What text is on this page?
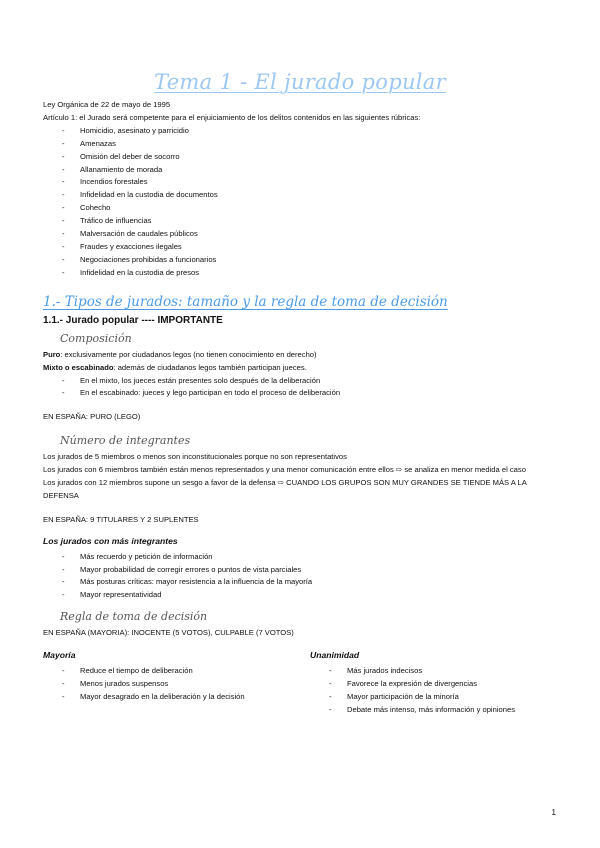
Tema 1 - El jurado popular

Ley Orgánica de 22 de mayo de 1995

Artículo 1: el Jurado será competente para el enjuiciamiento de los delitos contenidos en las siguientes rúbricas:

- Homicidio, asesinato y parricidio
- Amenazas
- Omisión del deber de socorro
- Allanamiento de morada
- Incendios forestales
- Infidelidad en la custodia de documentos
- Cohecho
- Tráfico de influencias
- Malversación de caudales públicos
- Fraudes y exacciones ilegales
- Negociaciones prohibidas a funcionarios
- Infidelidad en la custodia de presos
1.- Tipos de jurados: tamaño y la regla de toma de decisión
1.1.- Jurado popular ---- IMPORTANTE
Composición

Puro: exclusivamente por ciudadanos legos (no tienen conocimiento en derecho)

Mixto o escabinado: además de ciudadanos legos también participan jueces.

- En el mixto, los jueces están presentes solo después de la deliberación
- En el escabinado: jueces y lego participan en todo el proceso de deliberación

EN ESPAÑA: PURO (LEGO)

Número de integrantes

Los jurados de 5 miembros o menos son inconstitucionales porque no son representativos

Los jurados con 6 miembros también están menos representados y una menor comunicación entre ellos ⇨ se analiza en menor medida el caso

Los jurados con 12 miembros supone un sesgo a favor de la defensa ⇨ CUANDO LOS GRUPOS SON MUY GRANDES SE TIENDE MÁS A LA DEFENSA

EN ESPAÑA: 9 TITULARES Y 2 SUPLENTES

Los jurados con más integrantes
- Más recuerdo y petición de información
- Mayor probabilidad de corregir errores o puntos de vista parciales
- Más posturas críticas: mayor resistencia a la influencia de la mayoría
- Mayor representatividad
Regla de toma de decisión

EN ESPAÑA (MAYORIA): INOCENTE (5 VOTOS), CULPABLE (7 VOTOS)

Mayoría
- Reduce el tiempo de deliberación
- Menos jurados suspensos
- Mayor desagrado en la deliberación y la decisión
Unanimidad
- Más jurados indecisos
- Favorece la expresión de divergencias
- Mayor participación de la minoría
- Debate más intenso, más información y opiniones
1
